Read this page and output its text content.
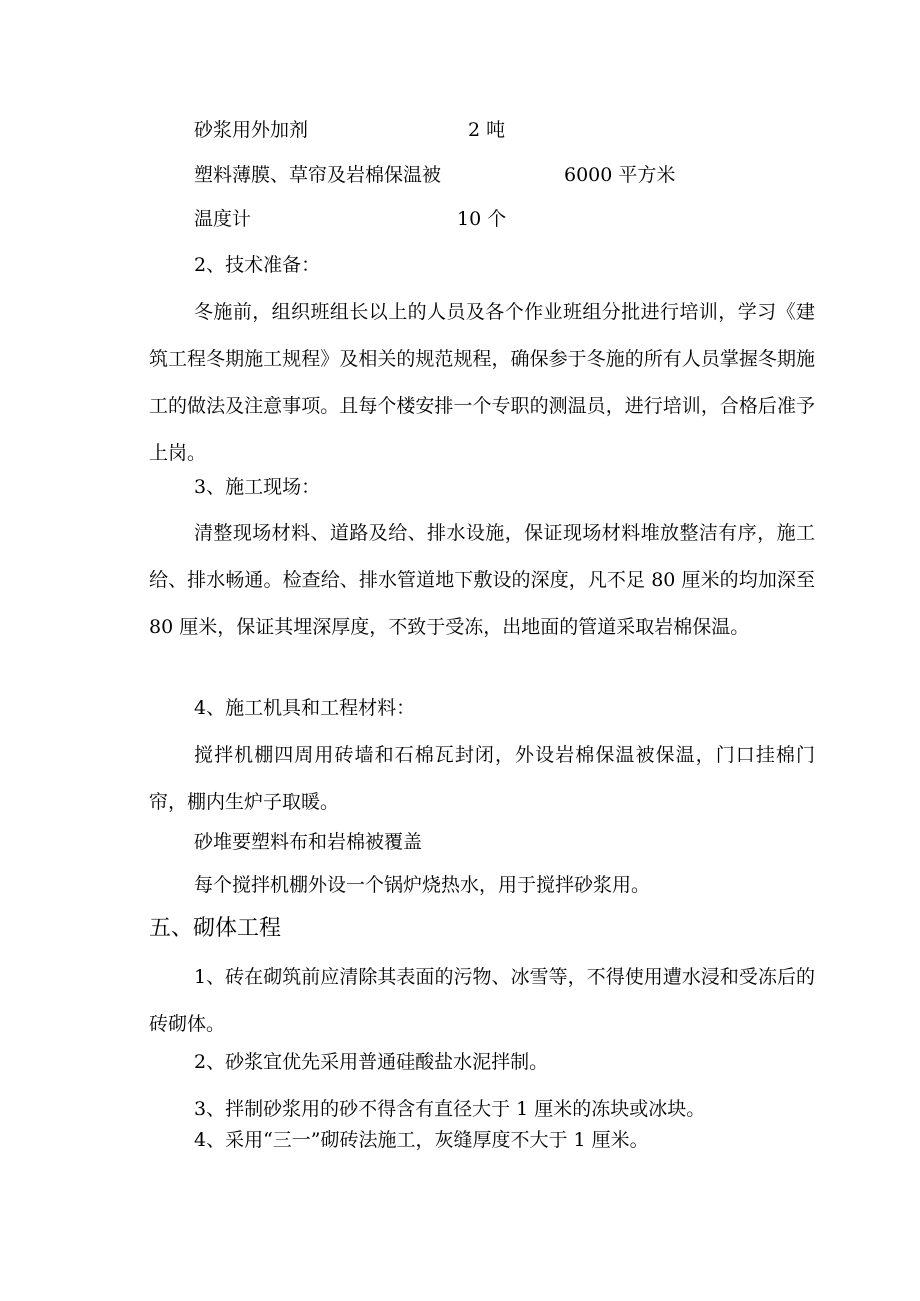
砂浆用外加剂	2 吨
塑料薄膜、草帘及岩棉保温被	6000 平方米
温度计	10 个
2、技术准备：
冬施前，组织班组长以上的人员及各个作业班组分批进行培训，学习《建筑工程冬期施工规程》及相关的规范规程，确保参于冬施的所有人员掌握冬期施工的做法及注意事项。且每个楼安排一个专职的测温员，进行培训，合格后准予上岗。
3、施工现场：
清整现场材料、道路及给、排水设施，保证现场材料堆放整洁有序，施工给、排水畅通。检查给、排水管道地下敷设的深度，凡不足 80 厘米的均加深至 80 厘米，保证其埋深厚度，不致于受冻，出地面的管道采取岩棉保温。
4、施工机具和工程材料：
搅拌机棚四周用砖墙和石棉瓦封闭，外设岩棉保温被保温，门口挂棉门帘，棚内生炉子取暖。
砂堆要塑料布和岩棉被覆盖
每个搅拌机棚外设一个锅炉烧热水，用于搅拌砂浆用。
五、砌体工程
1、砖在砌筑前应清除其表面的污物、冰雪等，不得使用遭水浸和受冻后的砖砌体。
2、砂浆宜优先采用普通硅酸盐水泥拌制。
3、拌制砂浆用的砂不得含有直径大于 1 厘米的冻块或冰块。
4、采用“三一”砌砖法施工，灰缝厚度不大于 1 厘米。
